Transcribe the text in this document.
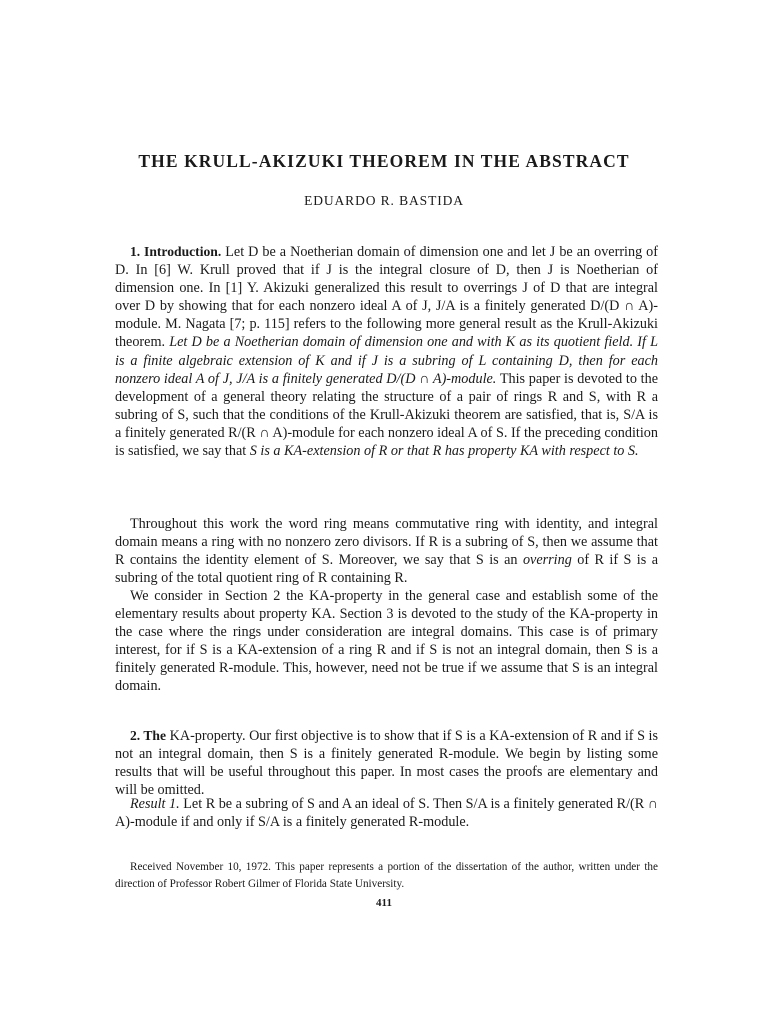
THE KRULL-AKIZUKI THEOREM IN THE ABSTRACT
EDUARDO R. BASTIDA

1. Introduction. Let D be a Noetherian domain of dimension one and let J be an overring of D. In [6] W. Krull proved that if J is the integral closure of D, then J is Noetherian of dimension one. In [1] Y. Akizuki generalized this result to overrings J of D that are integral over D by showing that for each nonzero ideal A of J, J/A is a finitely generated D/(D ∩ A)-module. M. Nagata [7; p. 115] refers to the following more general result as the Krull-Akizuki theorem. Let D be a Noetherian domain of dimension one and with K as its quotient field. If L is a finite algebraic extension of K and if J is a subring of L containing D, then for each nonzero ideal A of J, J/A is a finitely generated D/(D ∩ A)-module. This paper is devoted to the development of a general theory relating the structure of a pair of rings R and S, with R a subring of S, such that the conditions of the Krull-Akizuki theorem are satisfied, that is, S/A is a finitely generated R/(R ∩ A)-module for each nonzero ideal A of S. If the preceding condition is satisfied, we say that S is a KA-extension of R or that R has property KA with respect to S.

Throughout this work the word ring means commutative ring with identity, and integral domain means a ring with no nonzero zero divisors. If R is a subring of S, then we assume that R contains the identity element of S. Moreover, we say that S is an overring of R if S is a subring of the total quotient ring of R containing R.

We consider in Section 2 the KA-property in the general case and establish some of the elementary results about property KA. Section 3 is devoted to the study of the KA-property in the case where the rings under consideration are integral domains. This case is of primary interest, for if S is a KA-extension of a ring R and if S is not an integral domain, then S is a finitely generated R-module. This, however, need not be true if we assume that S is an integral domain.

2. The KA-property. Our first objective is to show that if S is a KA-extension of R and if S is not an integral domain, then S is a finitely generated R-module. We begin by listing some results that will be useful throughout this paper. In most cases the proofs are elementary and will be omitted.

Result 1. Let R be a subring of S and A an ideal of S. Then S/A is a finitely generated R/(R ∩ A)-module if and only if S/A is a finitely generated R-module.

Received November 10, 1972. This paper represents a portion of the dissertation of the author, written under the direction of Professor Robert Gilmer of Florida State University.

411
